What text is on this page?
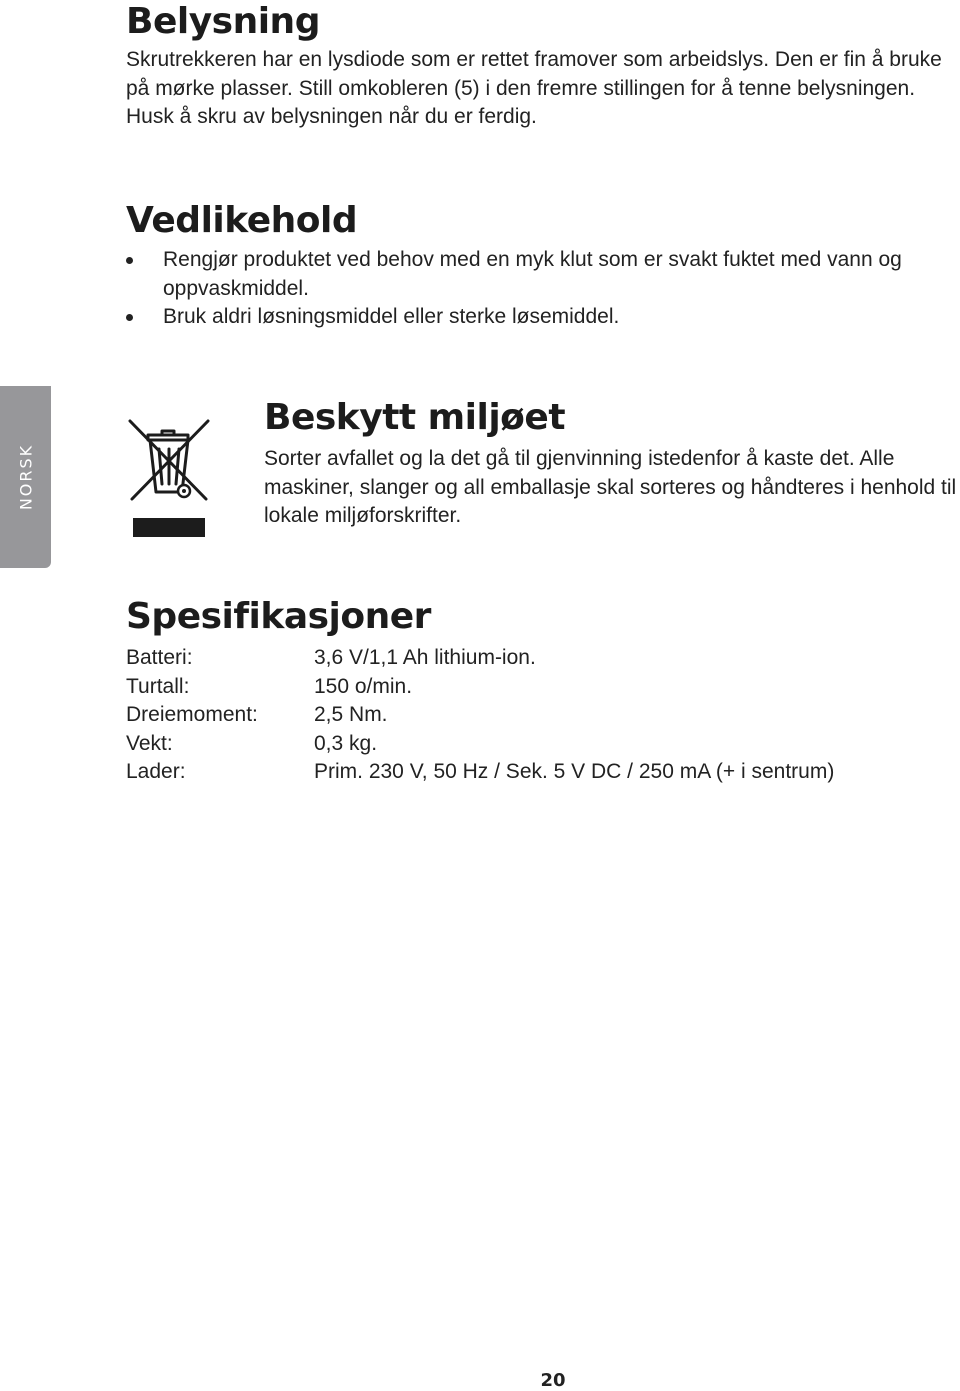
Belysning

Skrutrekkeren har en lysdiode som er rettet framover som arbeidslys. Den er fin å bruke på mørke plasser. Still omkobleren (5) i den fremre stillingen for å tenne belysningen. Husk å skru av belysningen når du er ferdig.

Vedlikehold
Rengjør produktet ved behov med en myk klut som er svakt fuktet med vann og oppvaskmiddel.
Bruk aldri løsningsmiddel eller sterke løsemiddel.
NORSK
Beskytt miljøet

Sorter avfallet og la det gå til gjenvinning istedenfor å kaste det. Alle maskiner, slanger og all emballasje skal sorteres og håndteres i henhold til lokale miljøforskrifter.

Spesifikasjoner
Batteri:	3,6 V/1,1 Ah lithium-ion.
Turtall:	150 o/min.
Dreiemoment:	2,5 Nm.
Vekt:	0,3 kg.
Lader:	Prim. 230 V, 50 Hz / Sek. 5 V DC / 250 mA (+ i sentrum)
20
